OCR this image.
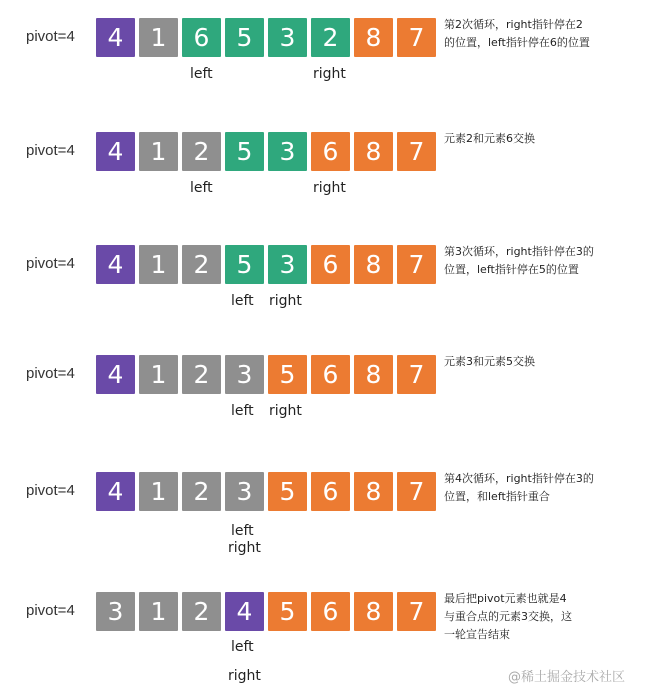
pivot=4	4	1	6	5	3	2	8	7	第2次循环，right指针停在2
的位置，left指针停在6的位置
left	right
pivot=4	4	1	2	5	3	6	8	7	元素2和元素6交换
left	right
pivot=4	4	1	2	5	3	6	8	7	第3次循环，right指针停在3的
位置，left指针停在5的位置
left right
pivot=4	4	1	2	3	5	6	8	7	元素3和元素5交换
left right
pivot=4	4	1	2	3	5	6	8	7	第4次循环，right指针停在3的
位置，和left指针重合
left
right
pivot=4	3	1	2	4	5	6	8	7	最后把pivot元素也就是4
与重合点的元素3交换，这
一轮宣告结束
left
right	@稀土掘金技术社区
